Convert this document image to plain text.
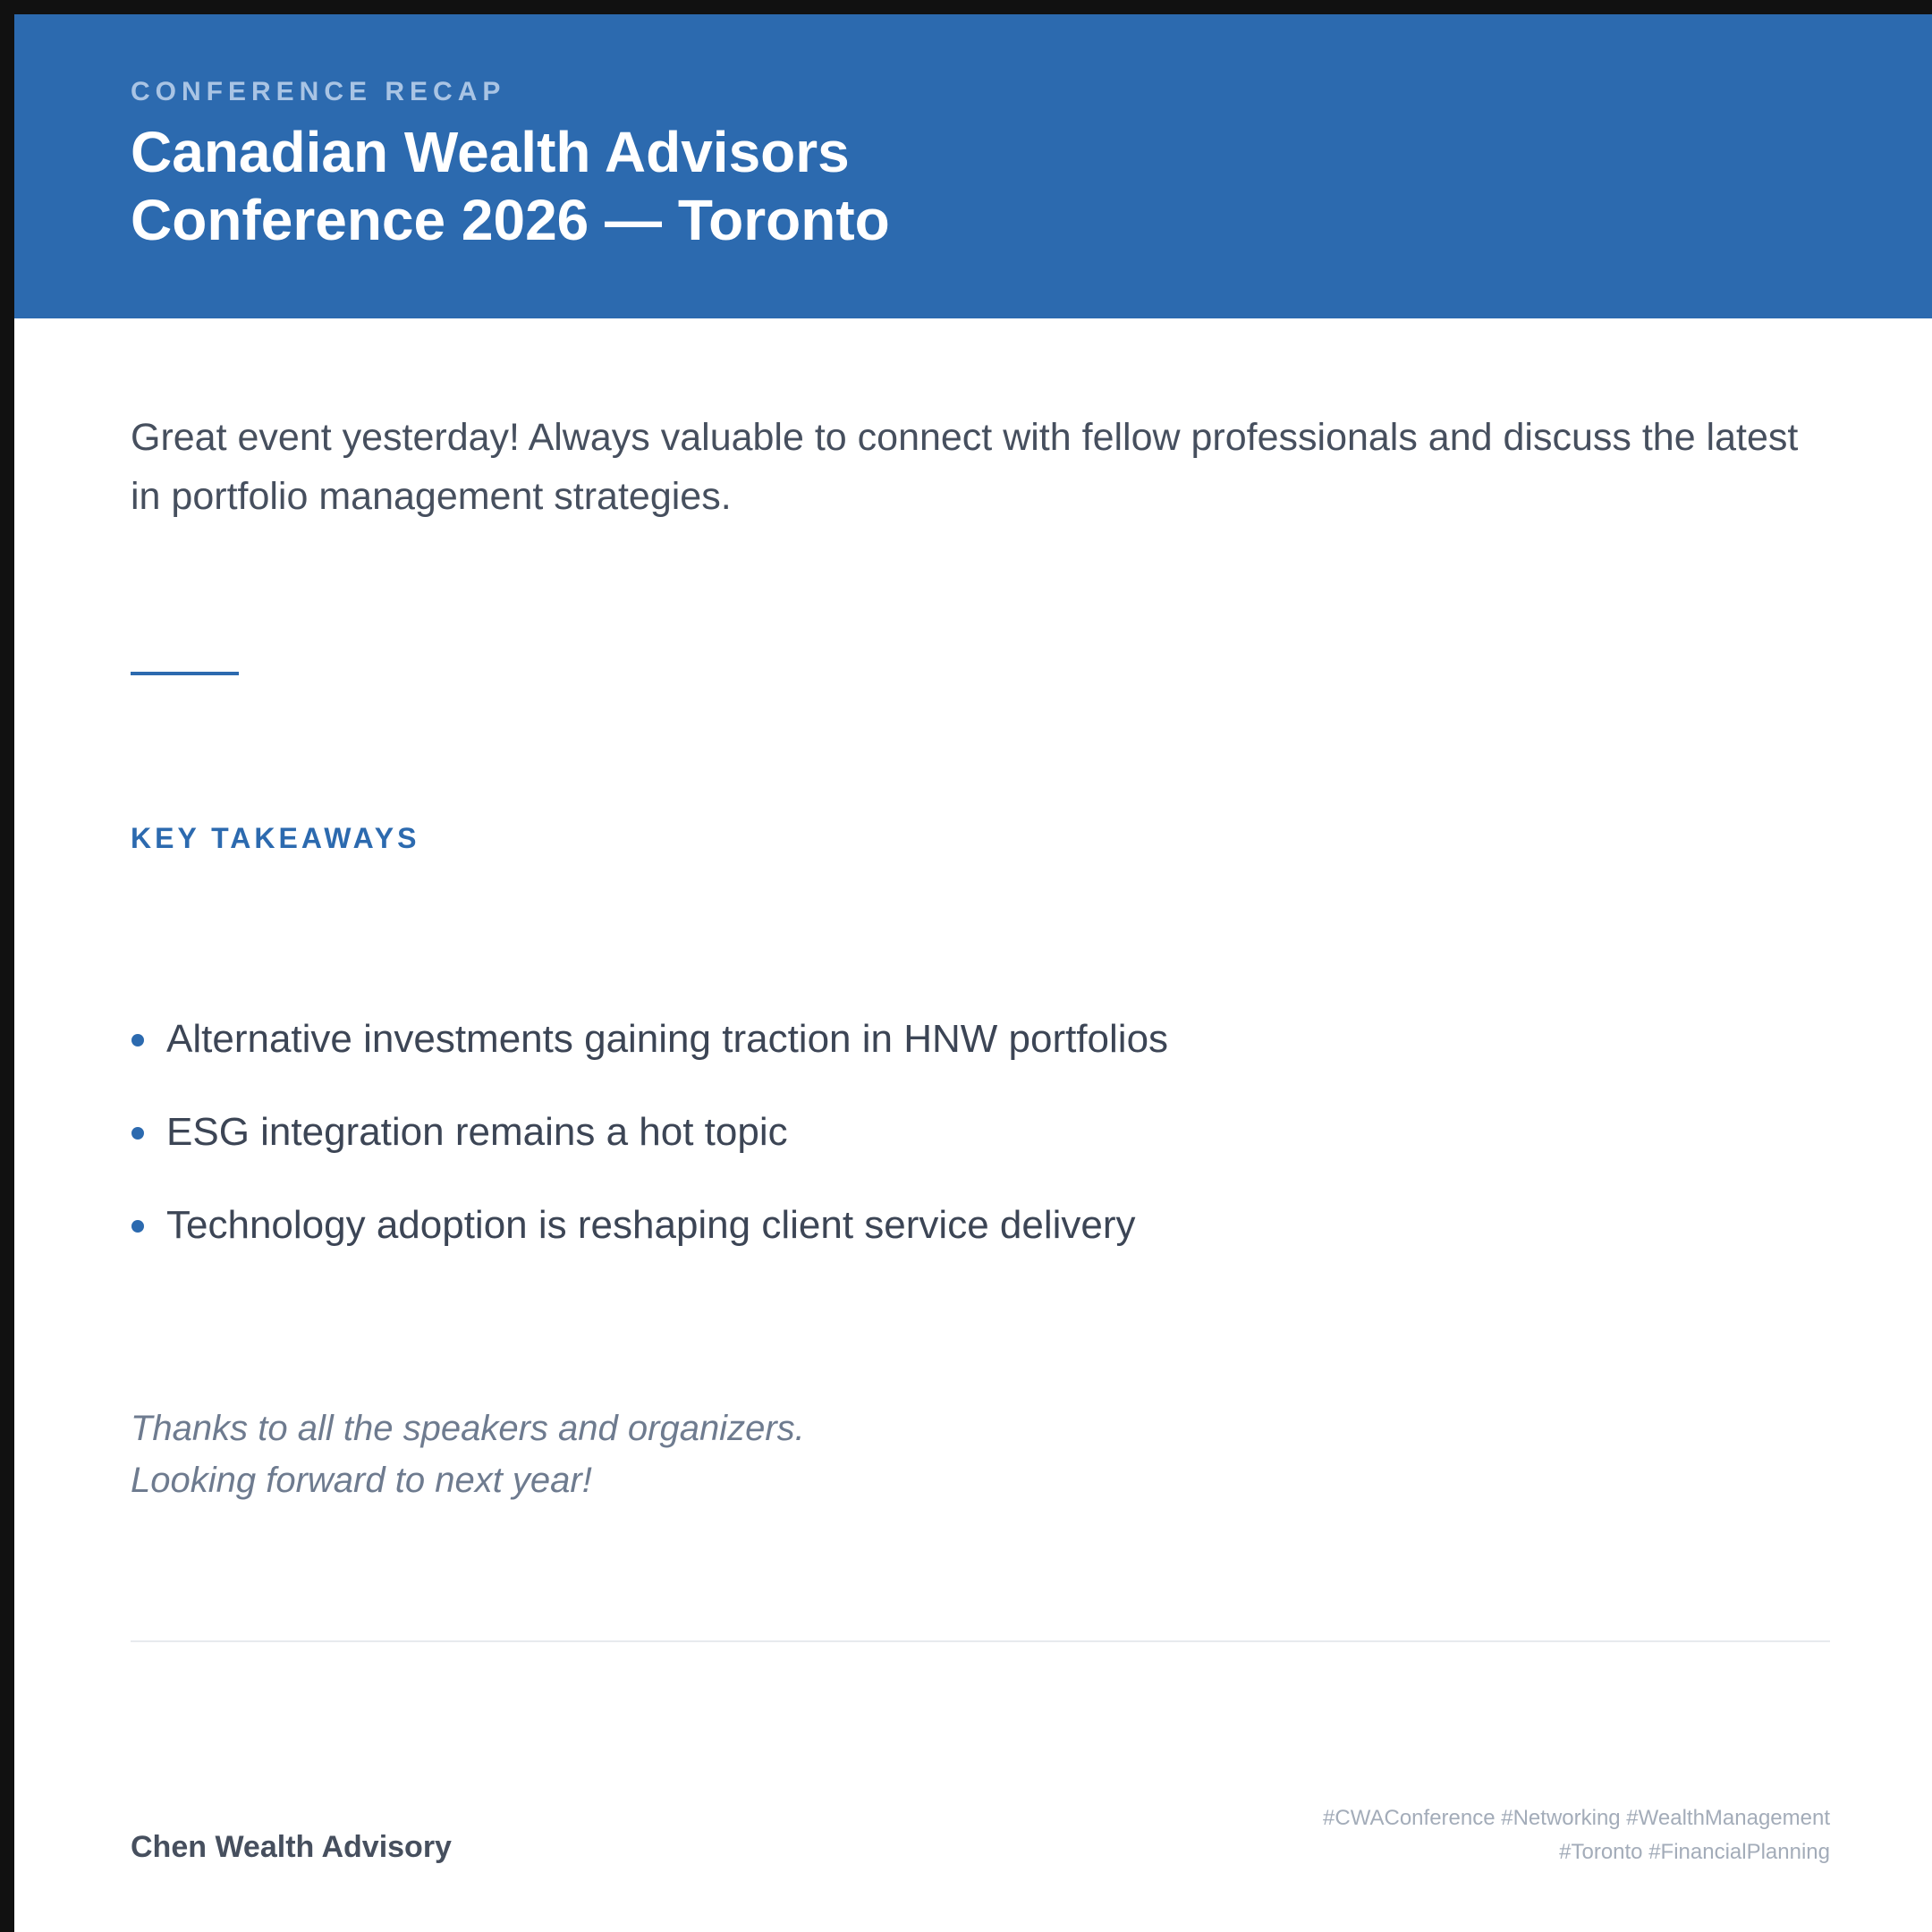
CONFERENCE RECAP
Canadian Wealth Advisors
Conference 2026 — Toronto

Great event yesterday! Always valuable to connect with fellow professionals and discuss the latest in portfolio management strategies.

KEY TAKEAWAYS
Alternative investments gaining traction in HNW portfolios
ESG integration remains a hot topic
Technology adoption is reshaping client service delivery
Thanks to all the speakers and organizers.
Looking forward to next year!
Chen Wealth Advisory
#CWAConference #Networking #WealthManagement
#Toronto #FinancialPlanning
